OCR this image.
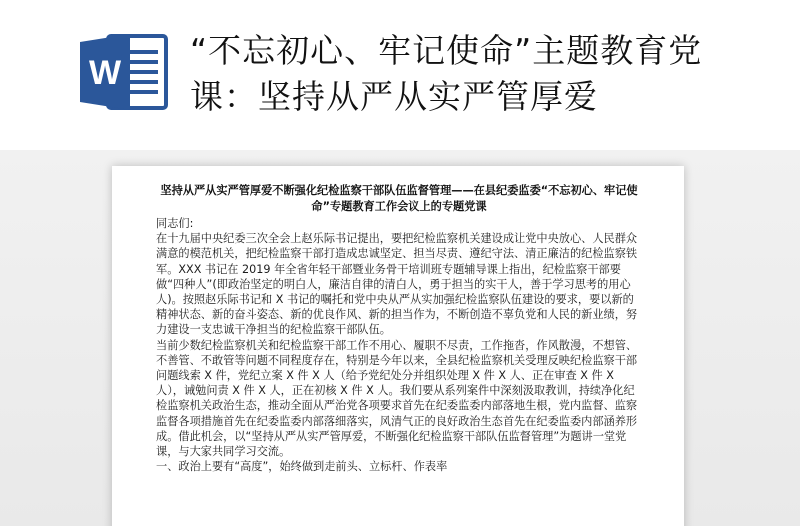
W
“不忘初心、牢记使命”主题教育党课：坚持从严从实严管厚爱

坚持从严从实严管厚爱不断强化纪检监察干部队伍监督管理——在县纪委监委“不忘初心、牢记使命”专题教育工作会议上的专题党课

同志们:

在十九届中央纪委三次全会上赵乐际书记提出，要把纪检监察机关建设成让党中央放心、人民群众满意的模范机关，把纪检监察干部打造成忠诚坚定、担当尽责、遵纪守法、清正廉洁的纪检监察铁军。XXX 书记在 2019 年全省年轻干部暨业务骨干培训班专题辅导课上指出，纪检监察干部要做“四种人”(即政治坚定的明白人，廉洁自律的清白人，勇于担当的实干人，善于学习思考的用心人)。按照赵乐际书记和 X 书记的嘱托和党中央从严从实加强纪检监察队伍建设的要求，要以新的精神状态、新的奋斗姿态、新的优良作风、新的担当作为，不断创造不辜负党和人民的新业绩，努力建设一支忠诚干净担当的纪检监察干部队伍。

当前少数纪检监察机关和纪检监察干部工作不用心、履职不尽责，工作拖沓，作风散漫，不想管、不善管、不敢管等问题不同程度存在，特别是今年以来，全县纪检监察机关受理反映纪检监察干部问题线索 X 件，党纪立案 X 件 X 人（给予党纪处分并组织处理 X 件 X 人、正在审查 X 件 X 人），诫勉问责 X 件 X 人，正在初核 X 件 X 人。我们要从系列案件中深刻汲取教训，持续净化纪检监察机关政治生态，推动全面从严治党各项要求首先在纪委监委内部落地生根，党内监督、监察监督各项措施首先在纪委监委内部落细落实，风清气正的良好政治生态首先在纪委监委内部涵养形成。借此机会，以“坚持从严从实严管厚爱，不断强化纪检监察干部队伍监督管理”为题讲一堂党课，与大家共同学习交流。

一、政治上要有“高度”，始终做到走前头、立标杆、作表率
